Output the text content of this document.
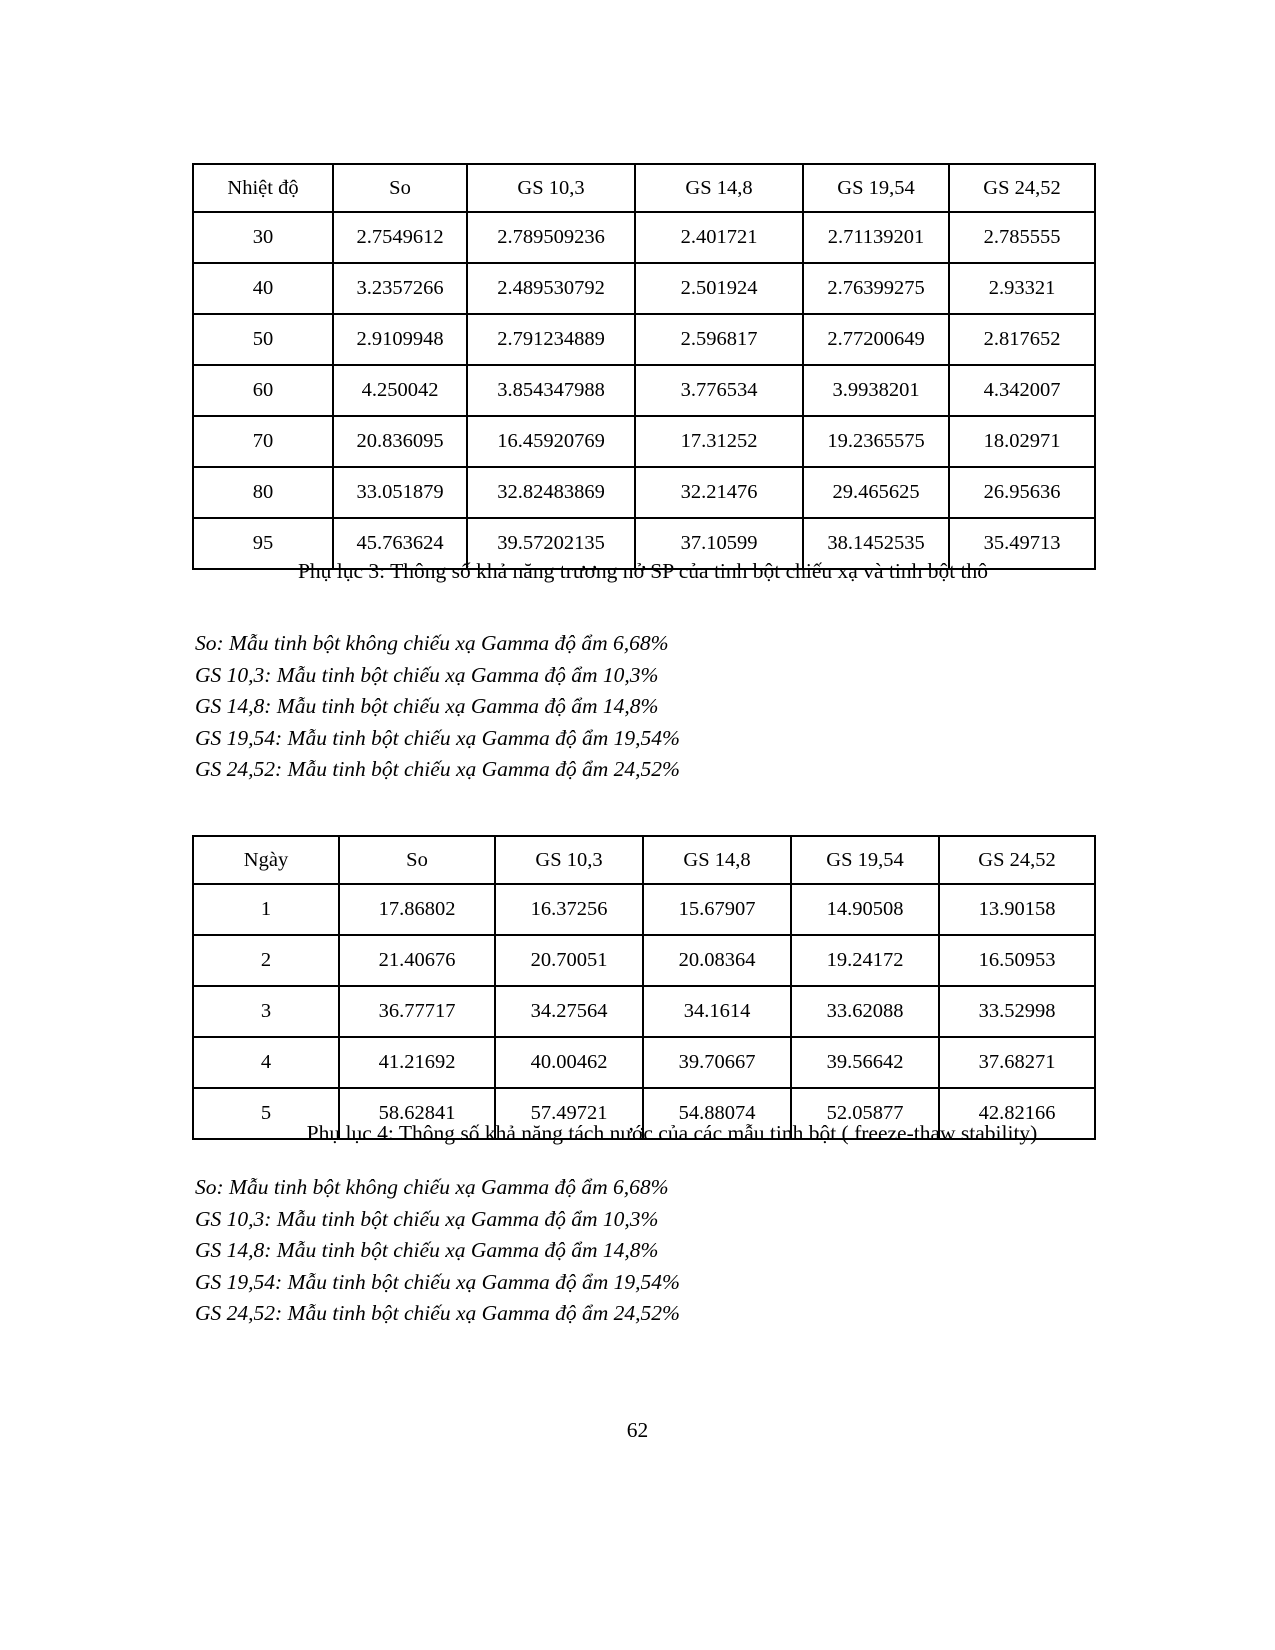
Nhiệt độ	So	GS 10,3	GS 14,8	GS 19,54	GS 24,52
30	2.7549612	2.789509236	2.401721	2.71139201	2.785555
40	3.2357266	2.489530792	2.501924	2.76399275	2.93321
50	2.9109948	2.791234889	2.596817	2.77200649	2.817652
60	4.250042	3.854347988	3.776534	3.9938201	4.342007
70	20.836095	16.45920769	17.31252	19.2365575	18.02971
80	33.051879	32.82483869	32.21476	29.465625	26.95636
95	45.763624	39.57202135	37.10599	38.1452535	35.49713
Phụ lục 3: Thông số khả năng trương nở SP của tinh bột chiếu xạ và tinh bột thô
So: Mẫu tinh bột không chiếu xạ Gamma độ ẩm 6,68%
GS 10,3: Mẫu tinh bột chiếu xạ Gamma độ ẩm 10,3%
GS 14,8: Mẫu tinh bột chiếu xạ Gamma độ ẩm 14,8%
GS 19,54: Mẫu tinh bột chiếu xạ Gamma độ ẩm 19,54%
GS 24,52: Mẫu tinh bột chiếu xạ Gamma độ ẩm 24,52%
Ngày	So	GS 10,3	GS 14,8	GS 19,54	GS 24,52
1	17.86802	16.37256	15.67907	14.90508	13.90158
2	21.40676	20.70051	20.08364	19.24172	16.50953
3	36.77717	34.27564	34.1614	33.62088	33.52998
4	41.21692	40.00462	39.70667	39.56642	37.68271
5	58.62841	57.49721	54.88074	52.05877	42.82166
Phụ lục 4: Thông số khả năng tách nước của các mẫu tinh bột ( freeze-thaw stability)
So: Mẫu tinh bột không chiếu xạ Gamma độ ẩm 6,68%
GS 10,3: Mẫu tinh bột chiếu xạ Gamma độ ẩm 10,3%
GS 14,8: Mẫu tinh bột chiếu xạ Gamma độ ẩm 14,8%
GS 19,54: Mẫu tinh bột chiếu xạ Gamma độ ẩm 19,54%
GS 24,52: Mẫu tinh bột chiếu xạ Gamma độ ẩm 24,52%
62
